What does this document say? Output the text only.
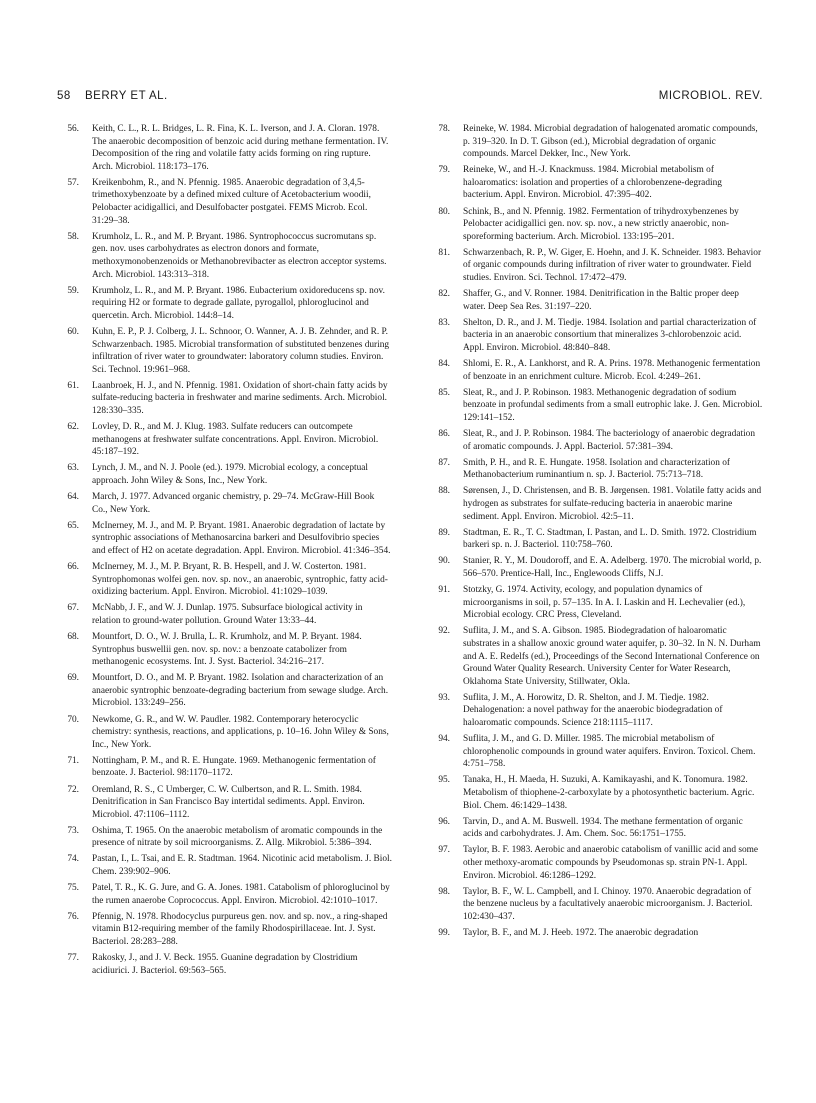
58 BERRY ET AL.	MICROBIOL. REV.
56. Keith, C. L., R. L. Bridges, L. R. Fina, K. L. Iverson, and J. A. Cloran. 1978. The anaerobic decomposition of benzoic acid during methane fermentation. IV. Decomposition of the ring and volatile fatty acids forming on ring rupture. Arch. Microbiol. 118:173–176.
57. Kreikenbohm, R., and N. Pfennig. 1985. Anaerobic degradation of 3,4,5-trimethoxybenzoate by a defined mixed culture of Acetobacterium woodii, Pelobacter acidigallici, and Desulfobacter postgatei. FEMS Microb. Ecol. 31:29–38.
58. Krumholz, L. R., and M. P. Bryant. 1986. Syntrophococcus sucromutans sp. gen. nov. uses carbohydrates as electron donors and formate, methoxymonobenzenoids or Methanobrevibacter as electron acceptor systems. Arch. Microbiol. 143:313–318.
59. Krumholz, L. R., and M. P. Bryant. 1986. Eubacterium oxidoreducens sp. nov. requiring H2 or formate to degrade gallate, pyrogallol, phloroglucinol and quercetin. Arch. Microbiol. 144:8–14.
60. Kuhn, E. P., P. J. Colberg, J. L. Schnoor, O. Wanner, A. J. B. Zehnder, and R. P. Schwarzenbach. 1985. Microbial transformation of substituted benzenes during infiltration of river water to groundwater: laboratory column studies. Environ. Sci. Technol. 19:961–968.
61. Laanbroek, H. J., and N. Pfennig. 1981. Oxidation of short-chain fatty acids by sulfate-reducing bacteria in freshwater and marine sediments. Arch. Microbiol. 128:330–335.
62. Lovley, D. R., and M. J. Klug. 1983. Sulfate reducers can outcompete methanogens at freshwater sulfate concentrations. Appl. Environ. Microbiol. 45:187–192.
63. Lynch, J. M., and N. J. Poole (ed.). 1979. Microbial ecology, a conceptual approach. John Wiley & Sons, Inc., New York.
64. March, J. 1977. Advanced organic chemistry, p. 29–74. McGraw-Hill Book Co., New York.
65. McInerney, M. J., and M. P. Bryant. 1981. Anaerobic degradation of lactate by syntrophic associations of Methanosarcina barkeri and Desulfovibrio species and effect of H2 on acetate degradation. Appl. Environ. Microbiol. 41:346–354.
66. McInerney, M. J., M. P. Bryant, R. B. Hespell, and J. W. Costerton. 1981. Syntrophomonas wolfei gen. nov. sp. nov., an anaerobic, syntrophic, fatty acid-oxidizing bacterium. Appl. Environ. Microbiol. 41:1029–1039.
67. McNabb, J. F., and W. J. Dunlap. 1975. Subsurface biological activity in relation to ground-water pollution. Ground Water 13:33–44.
68. Mountfort, D. O., W. J. Brulla, L. R. Krumholz, and M. P. Bryant. 1984. Syntrophus buswellii gen. nov. sp. nov.: a benzoate catabolizer from methanogenic ecosystems. Int. J. Syst. Bacteriol. 34:216–217.
69. Mountfort, D. O., and M. P. Bryant. 1982. Isolation and characterization of an anaerobic syntrophic benzoate-degrading bacterium from sewage sludge. Arch. Microbiol. 133:249–256.
70. Newkome, G. R., and W. W. Paudler. 1982. Contemporary heterocyclic chemistry: synthesis, reactions, and applications, p. 10–16. John Wiley & Sons, Inc., New York.
71. Nottingham, P. M., and R. E. Hungate. 1969. Methanogenic fermentation of benzoate. J. Bacteriol. 98:1170–1172.
72. Oremland, R. S., C Umberger, C. W. Culbertson, and R. L. Smith. 1984. Denitrification in San Francisco Bay intertidal sediments. Appl. Environ. Microbiol. 47:1106–1112.
73. Oshima, T. 1965. On the anaerobic metabolism of aromatic compounds in the presence of nitrate by soil microorganisms. Z. Allg. Mikrobiol. 5:386–394.
74. Pastan, I., L. Tsai, and E. R. Stadtman. 1964. Nicotinic acid metabolism. J. Biol. Chem. 239:902–906.
75. Patel, T. R., K. G. Jure, and G. A. Jones. 1981. Catabolism of phloroglucinol by the rumen anaerobe Coprococcus. Appl. Environ. Microbiol. 42:1010–1017.
76. Pfennig, N. 1978. Rhodocyclus purpureus gen. nov. and sp. nov., a ring-shaped vitamin B12-requiring member of the family Rhodospirillaceae. Int. J. Syst. Bacteriol. 28:283–288.
77. Rakosky, J., and J. V. Beck. 1955. Guanine degradation by Clostridium acidiurici. J. Bacteriol. 69:563–565.
78. Reineke, W. 1984. Microbial degradation of halogenated aromatic compounds, p. 319–320. In D. T. Gibson (ed.), Microbial degradation of organic compounds. Marcel Dekker, Inc., New York.
79. Reineke, W., and H.-J. Knackmuss. 1984. Microbial metabolism of haloaromatics: isolation and properties of a chlorobenzene-degrading bacterium. Appl. Environ. Microbiol. 47:395–402.
80. Schink, B., and N. Pfennig. 1982. Fermentation of trihydroxybenzenes by Pelobacter acidigallici gen. nov. sp. nov., a new strictly anaerobic, non-sporeforming bacterium. Arch. Microbiol. 133:195–201.
81. Schwarzenbach, R. P., W. Giger, E. Hoehn, and J. K. Schneider. 1983. Behavior of organic compounds during infiltration of river water to groundwater. Field studies. Environ. Sci. Technol. 17:472–479.
82. Shaffer, G., and V. Ronner. 1984. Denitrification in the Baltic proper deep water. Deep Sea Res. 31:197–220.
83. Shelton, D. R., and J. M. Tiedje. 1984. Isolation and partial characterization of bacteria in an anaerobic consortium that mineralizes 3-chlorobenzoic acid. Appl. Environ. Microbiol. 48:840–848.
84. Shlomi, E. R., A. Lankhorst, and R. A. Prins. 1978. Methanogenic fermentation of benzoate in an enrichment culture. Microb. Ecol. 4:249–261.
85. Sleat, R., and J. P. Robinson. 1983. Methanogenic degradation of sodium benzoate in profundal sediments from a small eutrophic lake. J. Gen. Microbiol. 129:141–152.
86. Sleat, R., and J. P. Robinson. 1984. The bacteriology of anaerobic degradation of aromatic compounds. J. Appl. Bacteriol. 57:381–394.
87. Smith, P. H., and R. E. Hungate. 1958. Isolation and characterization of Methanobacterium ruminantium n. sp. J. Bacteriol. 75:713–718.
88. Sørensen, J., D. Christensen, and B. B. Jørgensen. 1981. Volatile fatty acids and hydrogen as substrates for sulfate-reducing bacteria in anaerobic marine sediment. Appl. Environ. Microbiol. 42:5–11.
89. Stadtman, E. R., T. C. Stadtman, I. Pastan, and L. D. Smith. 1972. Clostridium barkeri sp. n. J. Bacteriol. 110:758–760.
90. Stanier, R. Y., M. Doudoroff, and E. A. Adelberg. 1970. The microbial world, p. 566–570. Prentice-Hall, Inc., Englewoods Cliffs, N.J.
91. Stotzky, G. 1974. Activity, ecology, and population dynamics of microorganisms in soil, p. 57–135. In A. I. Laskin and H. Lechevalier (ed.), Microbial ecology. CRC Press, Cleveland.
92. Suflita, J. M., and S. A. Gibson. 1985. Biodegradation of haloaromatic substrates in a shallow anoxic ground water aquifer, p. 30–32. In N. N. Durham and A. E. Redelfs (ed.), Proceedings of the Second International Conference on Ground Water Quality Research. University Center for Water Research, Oklahoma State University, Stillwater, Okla.
93. Suflita, J. M., A. Horowitz, D. R. Shelton, and J. M. Tiedje. 1982. Dehalogenation: a novel pathway for the anaerobic biodegradation of haloaromatic compounds. Science 218:1115–1117.
94. Suflita, J. M., and G. D. Miller. 1985. The microbial metabolism of chlorophenolic compounds in ground water aquifers. Environ. Toxicol. Chem. 4:751–758.
95. Tanaka, H., H. Maeda, H. Suzuki, A. Kamikayashi, and K. Tonomura. 1982. Metabolism of thiophene-2-carboxylate by a photosynthetic bacterium. Agric. Biol. Chem. 46:1429–1438.
96. Tarvin, D., and A. M. Buswell. 1934. The methane fermentation of organic acids and carbohydrates. J. Am. Chem. Soc. 56:1751–1755.
97. Taylor, B. F. 1983. Aerobic and anaerobic catabolism of vanillic acid and some other methoxy-aromatic compounds by Pseudomonas sp. strain PN-1. Appl. Environ. Microbiol. 46:1286–1292.
98. Taylor, B. F., W. L. Campbell, and I. Chinoy. 1970. Anaerobic degradation of the benzene nucleus by a facultatively anaerobic microorganism. J. Bacteriol. 102:430–437.
99. Taylor, B. F., and M. J. Heeb. 1972. The anaerobic degradation
